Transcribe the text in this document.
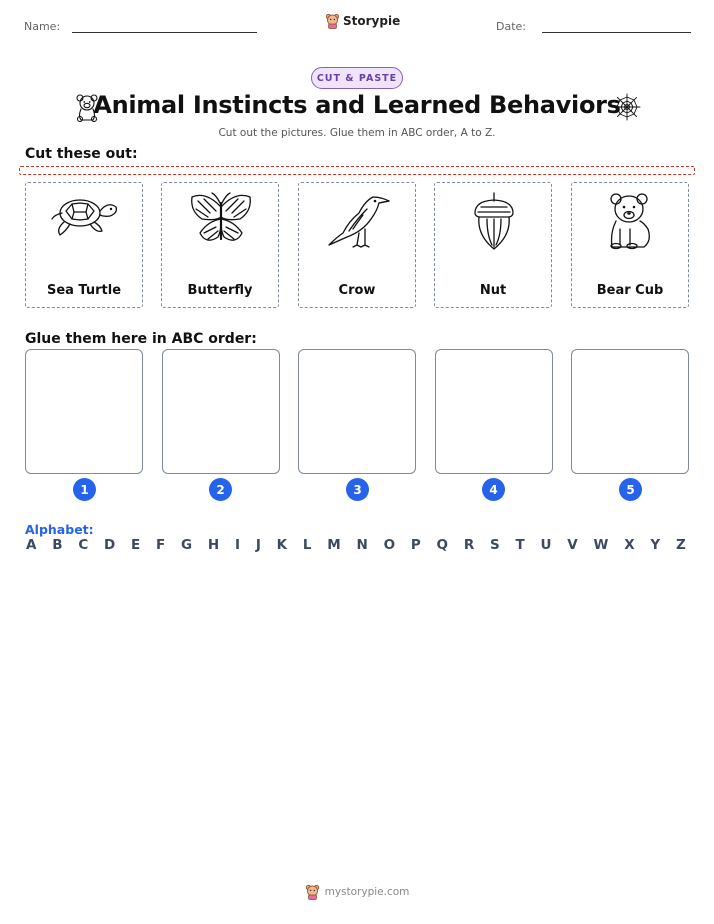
Name:	Storypie	Date:
CUT & PASTE
Animal Instincts and Learned Behaviors
Cut out the pictures. Glue them in ABC order, A to Z.
Cut these out:
Sea Turtle	Butterfly	Crow	Nut	Bear Cub
Glue them here in ABC order:
1	2	3	4	5
Alphabet:
A B C D E F G H I J K L M N O P Q R S T U V W X Y Z
mystorypie.com
